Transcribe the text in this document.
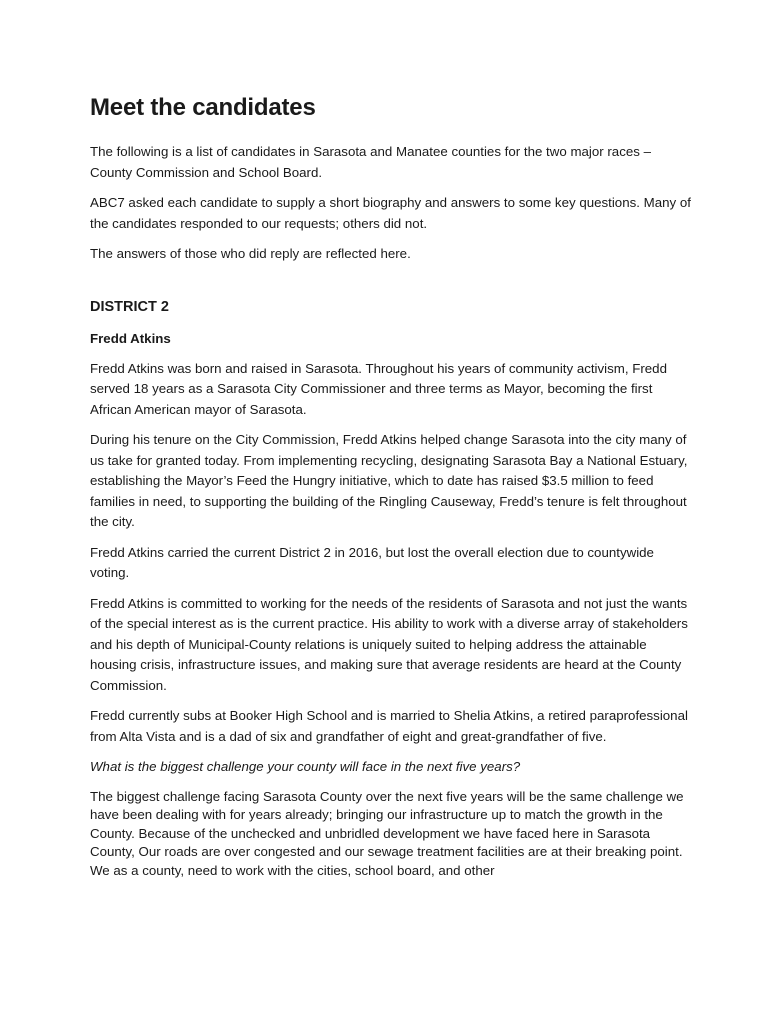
Meet the candidates

The following is a list of candidates in Sarasota and Manatee counties for the two major races – County Commission and School Board.

ABC7 asked each candidate to supply a short biography and answers to some key questions. Many of the candidates responded to our requests; others did not.

The answers of those who did reply are reflected here.

DISTRICT 2
Fredd Atkins

Fredd Atkins was born and raised in Sarasota. Throughout his years of community activism, Fredd served 18 years as a Sarasota City Commissioner and three terms as Mayor, becoming the first African American mayor of Sarasota.

During his tenure on the City Commission, Fredd Atkins helped change Sarasota into the city many of us take for granted today. From implementing recycling, designating Sarasota Bay a National Estuary, establishing the Mayor’s Feed the Hungry initiative, which to date has raised $3.5 million to feed families in need, to supporting the building of the Ringling Causeway, Fredd’s tenure is felt throughout the city.

Fredd Atkins carried the current District 2 in 2016, but lost the overall election due to countywide voting.

Fredd Atkins is committed to working for the needs of the residents of Sarasota and not just the wants of the special interest as is the current practice. His ability to work with a diverse array of stakeholders and his depth of Municipal-County relations is uniquely suited to helping address the attainable housing crisis, infrastructure issues, and making sure that average residents are heard at the County Commission.

Fredd currently subs at Booker High School and is married to Shelia Atkins, a retired paraprofessional from Alta Vista and is a dad of six and grandfather of eight and great-grandfather of five.

What is the biggest challenge your county will face in the next five years?

The biggest challenge facing Sarasota County over the next five years will be the same challenge we have been dealing with for years already; bringing our infrastructure up to match the growth in the County. Because of the unchecked and unbridled development we have faced here in Sarasota County, Our roads are over congested and our sewage treatment facilities are at their breaking point. We as a county, need to work with the cities, school board, and other
